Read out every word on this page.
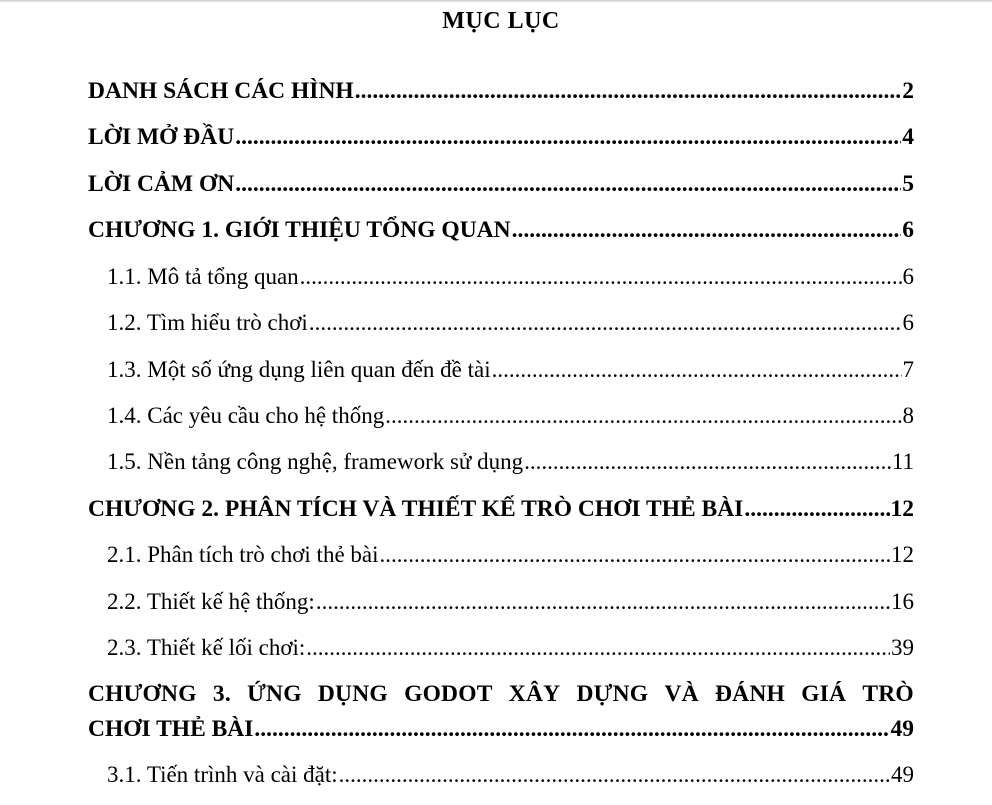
MỤC LỤC
DANH SÁCH CÁC HÌNH .....	2
LỜI MỞ ĐẦU .....	4
LỜI CẢM ƠN .....	5
CHƯƠNG 1. GIỚI THIỆU TỔNG QUAN .....	6
1.1. Mô tả tổng quan .....	6
1.2. Tìm hiểu trò chơi .....	6
1.3. Một số ứng dụng liên quan đến đề tài .....	7
1.4. Các yêu cầu cho hệ thống .....	8
1.5. Nền tảng công nghệ, framework sử dụng .....	11
CHƯƠNG 2. PHÂN TÍCH VÀ THIẾT KẾ TRÒ CHƠI THẺ BÀI .....	12
2.1. Phân tích trò chơi thẻ bài .....	12
2.2. Thiết kế hệ thống: .....	16
2.3. Thiết kế lối chơi: .....	39
CHƯƠNG 3. ỨNG DỤNG GODOT XÂY DỰNG VÀ ĐÁNH GIÁ TRÒ
CHƠI THẺ BÀI .....	49
3.1. Tiến trình và cài đặt: .....	49
